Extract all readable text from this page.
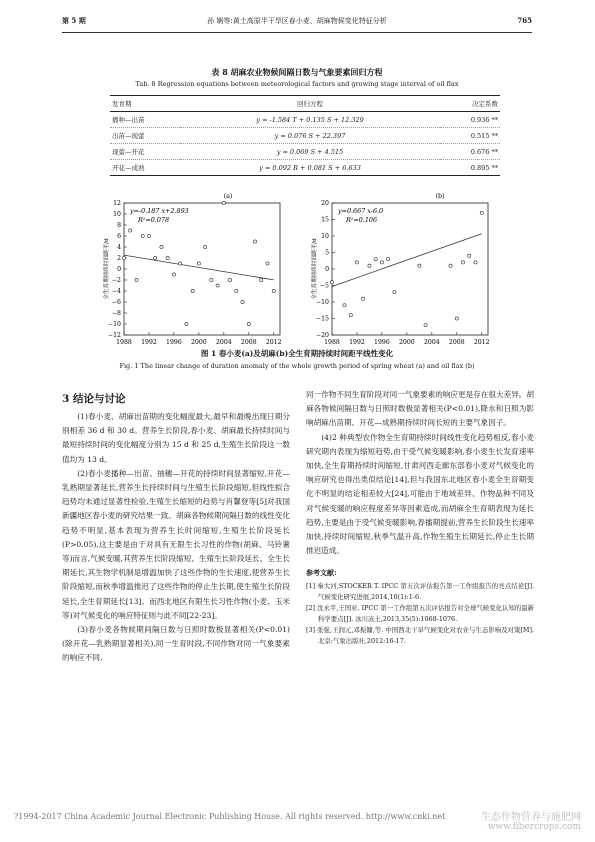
第 5 期	孙 娴等:黄土高原半干旱区春小麦、胡麻物候变化特征分析	765
表 8 胡麻农业物候间隔日数与气象要素回归方程
Tab. 8 Regression equations between meteorological factors and growing stage interval of oil flax
发育期	回归方程	决定系数
播种—出苗	y = -1.584 T + 0.135 S + 12.329	0.936 **
出苗—现蕾	y = 0.076 S + 22.397	0.515 **
现蕾—开花	y = 0.069 S + 4.515	0.676 **
开花—成熟	y = 0.092 R + 0.081 S + 6.633	0.895 **
12
10
8
6
4
2
0
−2
−4
−6
−8
−10
−12
1988 1992 1996 2000 2004 2008 2012
y=-0.187 x+2.893
R²=0.078
(a)
全生育期持续时间距平/d
20
15
10
5
0
−5
−10
−15
−20
1988 1992 1996 2000 2004 2008 2012
y=0.667 x-6.0
R²=0.106
(b)
全生育期持续时间距平/d
图 1 春小麦(a)及胡麻(b)全生育期持续时间距平线性变化
Fig. 1 The linear change of duration anomaly of the whole growth period of spring wheat (a) and oil flax (b)
3 结论与讨论

(1)春小麦、胡麻出苗期的变化幅度最大,最早和最晚出现日期分别相差 36 d 和 30 d。营养生长阶段,春小麦、胡麻最长持续时间与最短持续时间的变化幅度分别为 15 d 和 25 d,生殖生长阶段这一数值均为 13 d。

(2)春小麦播种—出苗、抽穗—开花的持续时间显著缩短,开花—乳熟期显著延长,营养生长持续时间与生殖生长阶段缩短,但线性拟合趋势均未通过显著性检验,生殖生长缩短的趋势与肖馨登等[5]对我国新疆地区春小麦的研究结果一致。胡麻各物候期间隔日数的线性变化趋势不明显,基本表现为营养生长时间缩短,生殖生长阶段延长(P>0.05),这主要是由于对具有无限生长习性的作物(胡麻、马铃薯等)而言,气候变暖,其营养生长阶段缩短、生殖生长阶段延长、全生长期延长,其生物学机制是增温加快了这些作物的生长速度,使营养生长阶段缩短,而秋季增温推迟了这些作物的停止生长期,使生殖生长阶段延长,全生育期延长[13]。而西北地区有限生长习性作物(小麦、玉米等)对气候变化的响应特征则与此不同[22-23]。

(3)春小麦各物候期间隔日数与日照时数极显著相关(P<0.01)(除开花—乳熟期显著相关),同一生育时段,不同作物对同一气象要素的响应不同,

同一作物不同生育阶段对同一气象要素的响应更是存在很大差异。胡麻各物候间隔日数与日照时数极显著相关(P<0.01),降水和日照为影响胡麻出苗期、开花—成熟期持续时间长短的主要气象因子。

(4)2 种典型农作物全生育期持续时间线性变化趋势相反,春小麦研究期内表现为缩短趋势,由于受气候变暖影响,春小麦生长发育速率加快,全生育期持续时间缩短,甘肃河西走廊东部春小麦对气候变化的响应研究也得出类似结论[14],但与我国东北地区春小麦全生育期变化不明显的结论相差较大[24],可能由于地域差异、作物品种不同及对气候变暖的响应程度差异等因素造成,而胡麻全生育期表现为延长趋势,主要是由于受气候变暖影响,春播期提前,营养生长阶段生长速率加快,持续时间缩短,秋季气温升高,作物生殖生长期延长,停止生长期推迟造成。

参考文献:
[1] 秦大河,STOCKER T. IPCC 第五次评估报告第一工作组报告的亮点结论[J]. 气候变化研究进展,2014,10(1):1-6.
[2] 沈永平,王国亚. IPCC 第一工作组第五次评估报告对全球气候变化认知的最新科学要点[J]. 冰川冻土,2013,35(5):1068-1076.
[3] 张强,王润元,邓振镛,等. 中国西北干旱气候变化对农业与生态影响及对策[M]. 北京:气象出版社,2012:16-17.
?1994-2017 China Academic Journal Electronic Publishing House. All rights reserved. http://www.cnki.net	生态作物营养与施肥网
www.fibercrops.com
